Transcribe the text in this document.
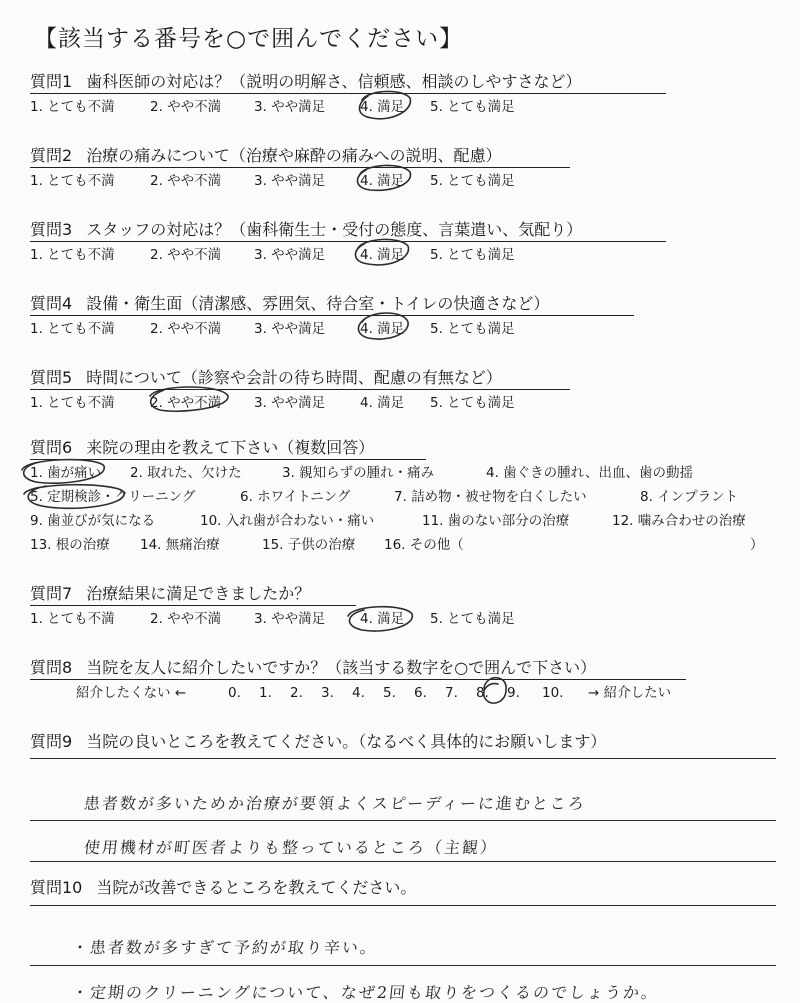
【該当する番号を○で囲んでください】
質問1 歯科医師の対応は？（説明の明解さ、信頼感、相談のしやすさなど）
1. とても不満	2. やや不満 3. やや満足	4. 満足 5. とても満足
質問2 治療の痛みについて（治療や麻酔の痛みへの説明、配慮）
1. とても不満	2. やや不満 3. やや満足	4. 満足 5. とても満足
質問3 スタッフの対応は？（歯科衛生士・受付の態度、言葉遣い、気配り）
1. とても不満	2. やや不満 3. やや満足	4. 満足 5. とても満足
質問4 設備・衛生面（清潔感、雰囲気、待合室・トイレの快適さなど）
1. とても不満	2. やや不満 3. やや満足	4. 満足 5. とても満足
質問5 時間について（診察や会計の待ち時間、配慮の有無など）
1. とても不満	2. やや不満 3. やや満足	4. 満足 5. とても満足
質問6 来院の理由を教えて下さい（複数回答）
1. 歯が痛い 2. 取れた、欠けた	3. 親知らずの腫れ・痛み	4. 歯ぐきの腫れ、出血、歯の動揺
5. 定期検診・クリーニング	6. ホワイトニング	7. 詰め物・被せ物を白くしたい	8. インプラント
9. 歯並びが気になる	10. 入れ歯が合わない・痛い	11. 歯のない部分の治療	12. 噛み合わせの治療
13. 根の治療 14. 無痛治療	15. 子供の治療 16. その他（	）
質問7 治療結果に満足できましたか？
1. とても不満	2. やや不満 3. やや満足	4. 満足 5. とても満足
質問8 当院を友人に紹介したいですか？（該当する数字を○で囲んで下さい）
紹介したくない ←	0. 1. 2. 3. 4. 5. 6. 7. 8. 9. 10. → 紹介したい
質問9 当院の良いところを教えてください。（なるべく具体的にお願いします）
患者数が多いためか治療が要領よくスピーディーに進むところ
使用機材が町医者よりも整っているところ（主観）
質問10 当院が改善できるところを教えてください。
・患者数が多すぎて予約が取り辛い。
・定期のクリーニングについて、なぜ2回も取りをつくるのでしょうか。
